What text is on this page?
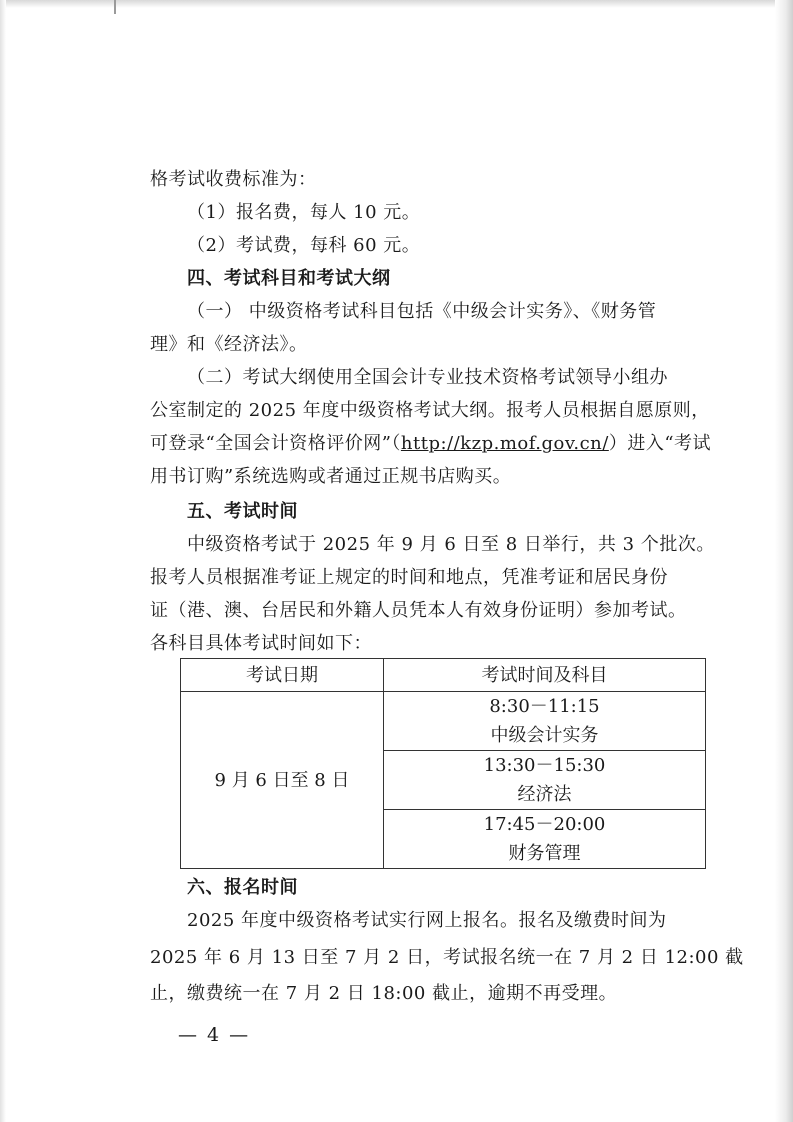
格考试收费标准为：
（1）报名费，每人 10 元。
（2）考试费，每科 60 元。
四、考试科目和考试大纲
（一） 中级资格考试科目包括《中级会计实务》、《财务管
理》和《经济法》。
（二）考试大纲使用全国会计专业技术资格考试领导小组办
公室制定的 2025 年度中级资格考试大纲。报考人员根据自愿原则，
可登录“全国会计资格评价网”（http://kzp.mof.gov.cn/）进入“考试
用书订购”系统选购或者通过正规书店购买。
五、考试时间
中级资格考试于 2025 年 9 月 6 日至 8 日举行，共 3 个批次。
报考人员根据准考证上规定的时间和地点，凭准考证和居民身份
证（港、澳、台居民和外籍人员凭本人有效身份证明）参加考试。
各科目具体考试时间如下：
考试日期	考试时间及科目
9 月 6 日至 8 日	8:30－11:15
中级会计实务

	13:30－15:30
经济法

	17:45－20:00
财务管理
六、报名时间
2025 年度中级资格考试实行网上报名。报名及缴费时间为
2025 年 6 月 13 日至 7 月 2 日，考试报名统一在 7 月 2 日 12:00 截
止，缴费统一在 7 月 2 日 18:00 截止，逾期不再受理。
— 4 —
